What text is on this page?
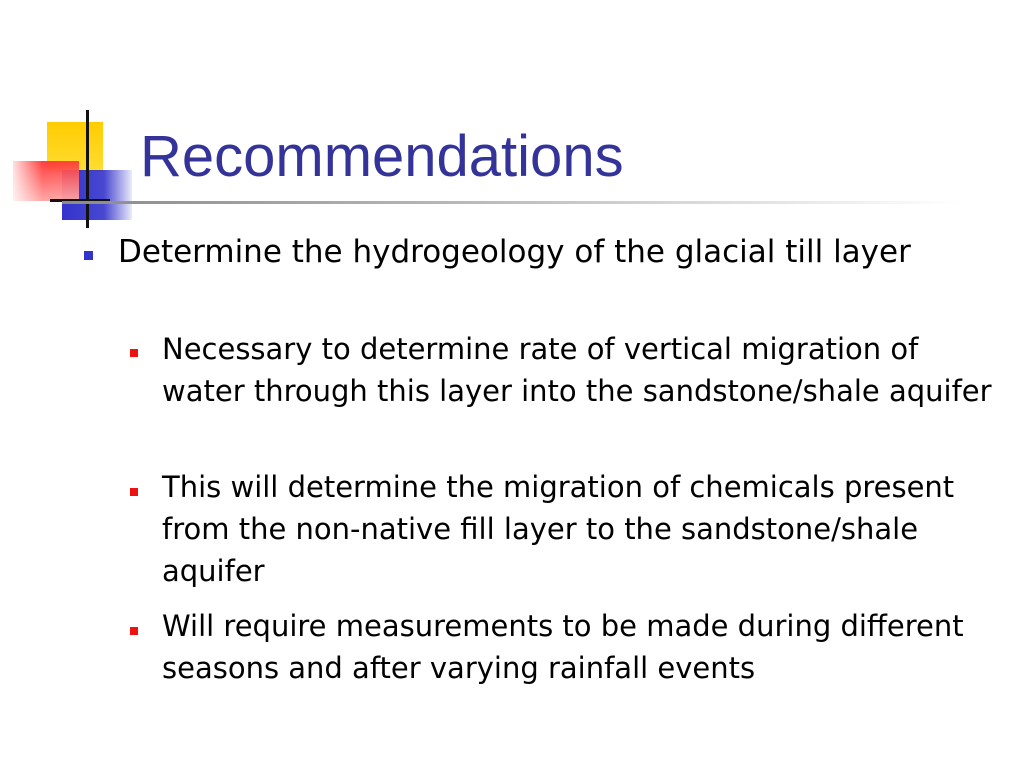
Recommendations
Determine the hydrogeology of the glacial till layer
Necessary to determine rate of vertical migration of water through this layer into the sandstone/shale aquifer
This will determine the migration of chemicals present from the non-native fill layer to the sandstone/shale aquifer
Will require measurements to be made during different seasons and after varying rainfall events
